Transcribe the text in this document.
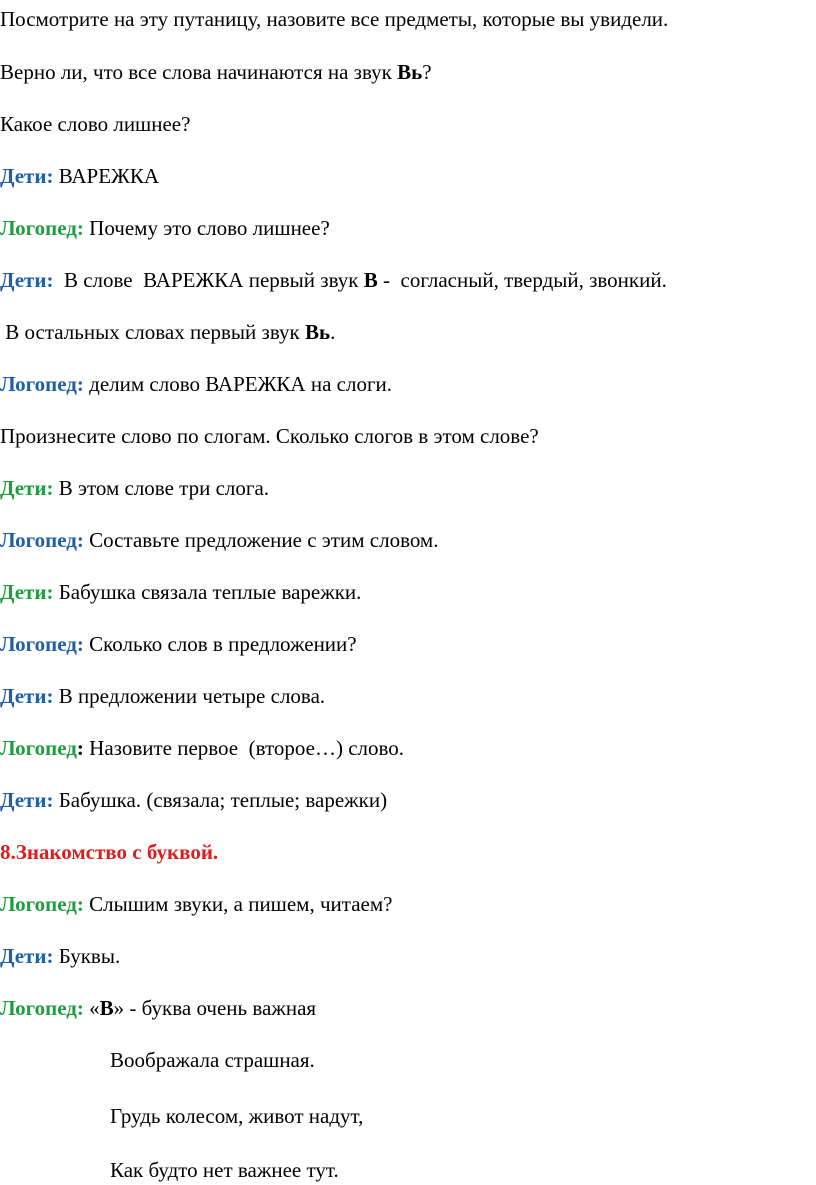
Посмотрите на эту путаницу, назовите все предметы, которые вы увидели.
Верно ли, что все слова начинаются на звук Вь?
Какое слово лишнее?
Дети: ВАРЕЖКА
Логопед: Почему это слово лишнее?
Дети:  В слове  ВАРЕЖКА первый звук В -  согласный, твердый, звонкий.
В остальных словах первый звук Вь.
Логопед: делим слово ВАРЕЖКА на слоги.
Произнесите слово по слогам. Сколько слогов в этом слове?
Дети: В этом слове три слога.
Логопед: Составьте предложение с этим словом.
Дети: Бабушка связала теплые варежки.
Логопед: Сколько слов в предложении?
Дети: В предложении четыре слова.
Логопед: Назовите первое  (второе…) слово.
Дети: Бабушка. (связала; теплые; варежки)
8.Знакомство с буквой.
Логопед: Слышим звуки, а пишем, читаем?
Дети: Буквы.
Логопед: «В» - буква очень важная
Воображала страшная.
Грудь колесом, живот надут,
Как будто нет важнее тут.
